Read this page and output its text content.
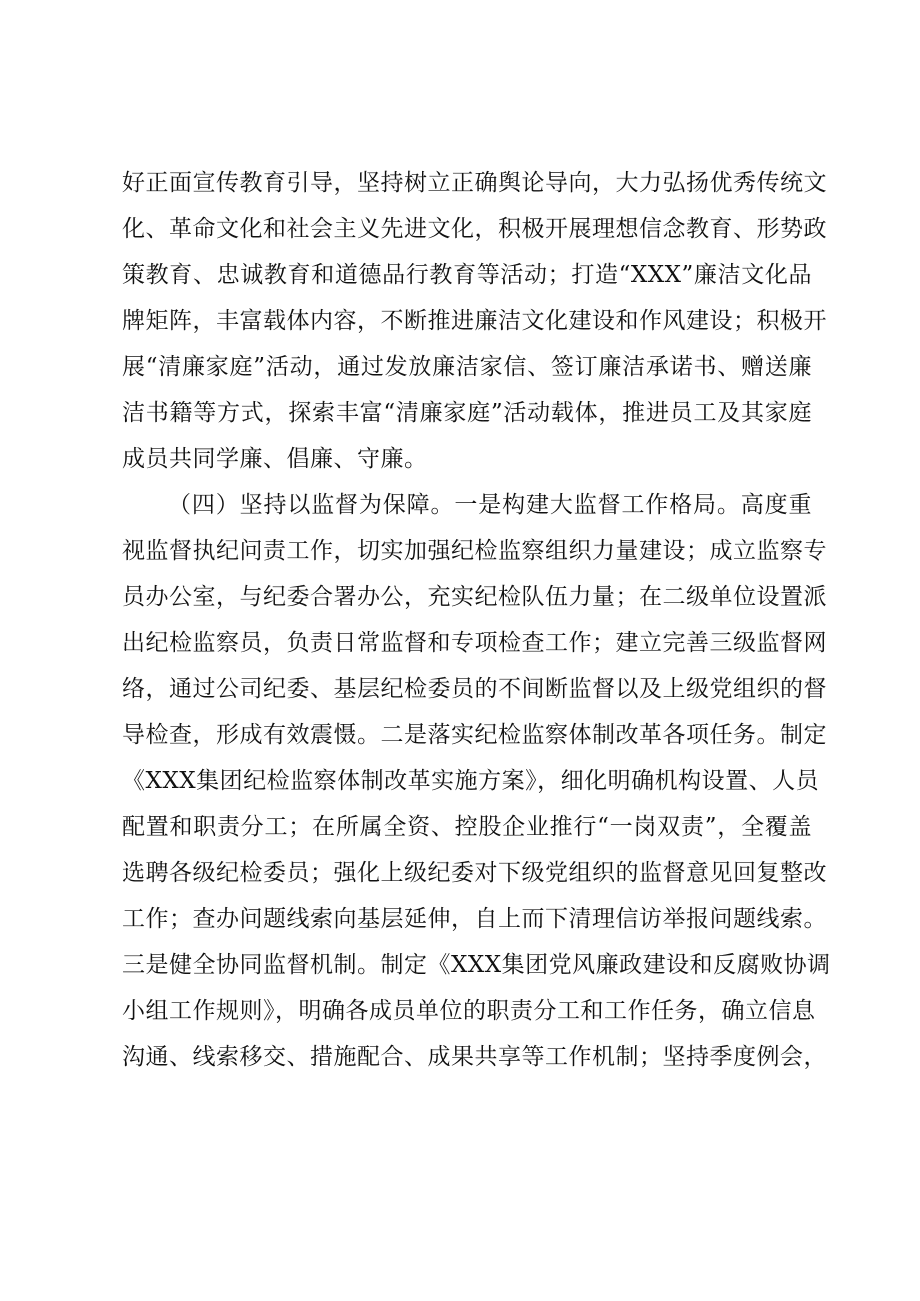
好正面宣传教育引导，坚持树立正确舆论导向，大力弘扬优秀传统文
化、革命文化和社会主义先进文化，积极开展理想信念教育、形势政
策教育、忠诚教育和道德品行教育等活动；打造“XXX”廉洁文化品
牌矩阵，丰富载体内容，不断推进廉洁文化建设和作风建设；积极开
展“清廉家庭”活动，通过发放廉洁家信、签订廉洁承诺书、赠送廉
洁书籍等方式，探索丰富“清廉家庭”活动载体，推进员工及其家庭
成员共同学廉、倡廉、守廉。
（四）坚持以监督为保障。一是构建大监督工作格局。高度重
视监督执纪问责工作，切实加强纪检监察组织力量建设；成立监察专
员办公室，与纪委合署办公，充实纪检队伍力量；在二级单位设置派
出纪检监察员，负责日常监督和专项检查工作；建立完善三级监督网
络，通过公司纪委、基层纪检委员的不间断监督以及上级党组织的督
导检查，形成有效震慑。二是落实纪检监察体制改革各项任务。制定
《XXX集团纪检监察体制改革实施方案》，细化明确机构设置、人员
配置和职责分工；在所属全资、控股企业推行“一岗双责”，全覆盖
选聘各级纪检委员；强化上级纪委对下级党组织的监督意见回复整改
工作；查办问题线索向基层延伸，自上而下清理信访举报问题线索。
三是健全协同监督机制。制定《XXX集团党风廉政建设和反腐败协调
小组工作规则》，明确各成员单位的职责分工和工作任务，确立信息
沟通、线索移交、措施配合、成果共享等工作机制；坚持季度例会，
